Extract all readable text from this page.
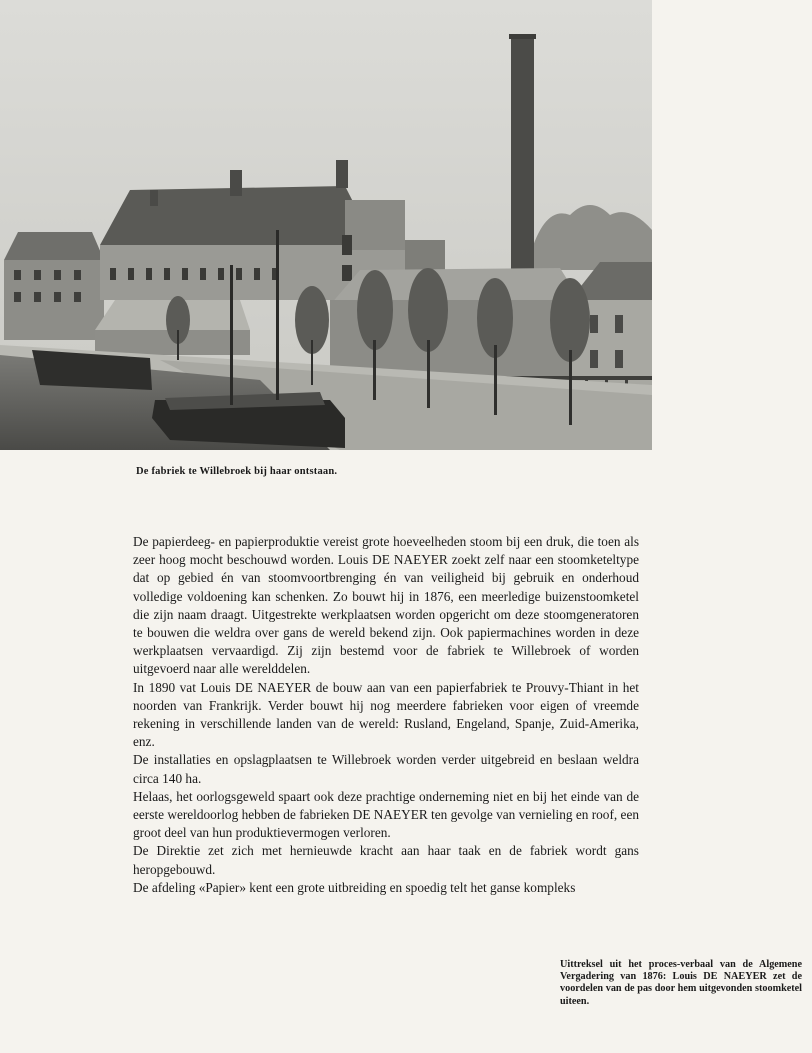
De fabriek te Willebroek bij haar ontstaan.

De papierdeeg- en papierproduktie vereist grote hoeveelheden stoom bij een druk, die toen als zeer hoog mocht beschouwd worden. Louis DE NAEYER zoekt zelf naar een stoomketeltype dat op gebied én van stoomvoortbrenging én van veiligheid bij gebruik en onderhoud volledige voldoening kan schenken. Zo bouwt hij in 1876, een meerledige buizenstoomketel die zijn naam draagt. Uitgestrekte werkplaatsen worden opgericht om deze stoomgeneratoren te bouwen die weldra over gans de wereld bekend zijn. Ook papiermachines worden in deze werkplaatsen vervaardigd. Zij zijn bestemd voor de fabriek te Willebroek of worden uitgevoerd naar alle werelddelen.

In 1890 vat Louis DE NAEYER de bouw aan van een papierfabriek te Prouvy-Thiant in het noorden van Frankrijk. Verder bouwt hij nog meerdere fabrieken voor eigen of vreemde rekening in verschillende landen van de wereld: Rusland, Engeland, Spanje, Zuid-Amerika, enz.

De installaties en opslagplaatsen te Willebroek worden verder uitgebreid en beslaan weldra circa 140 ha.

Helaas, het oorlogsgeweld spaart ook deze prachtige onderneming niet en bij het einde van de eerste wereldoorlog hebben de fabrieken DE NAEYER ten gevolge van vernieling en roof, een groot deel van hun produktievermogen verloren.

De Direktie zet zich met hernieuwde kracht aan haar taak en de fabriek wordt gans heropgebouwd.

De afdeling «Papier» kent een grote uitbreiding en spoedig telt het ganse kompleks

Uittreksel uit het proces-verbaal van de Algemene Vergadering van 1876: Louis DE NAEYER zet de voordelen van de pas door hem uitgevonden stoomketel uiteen.
